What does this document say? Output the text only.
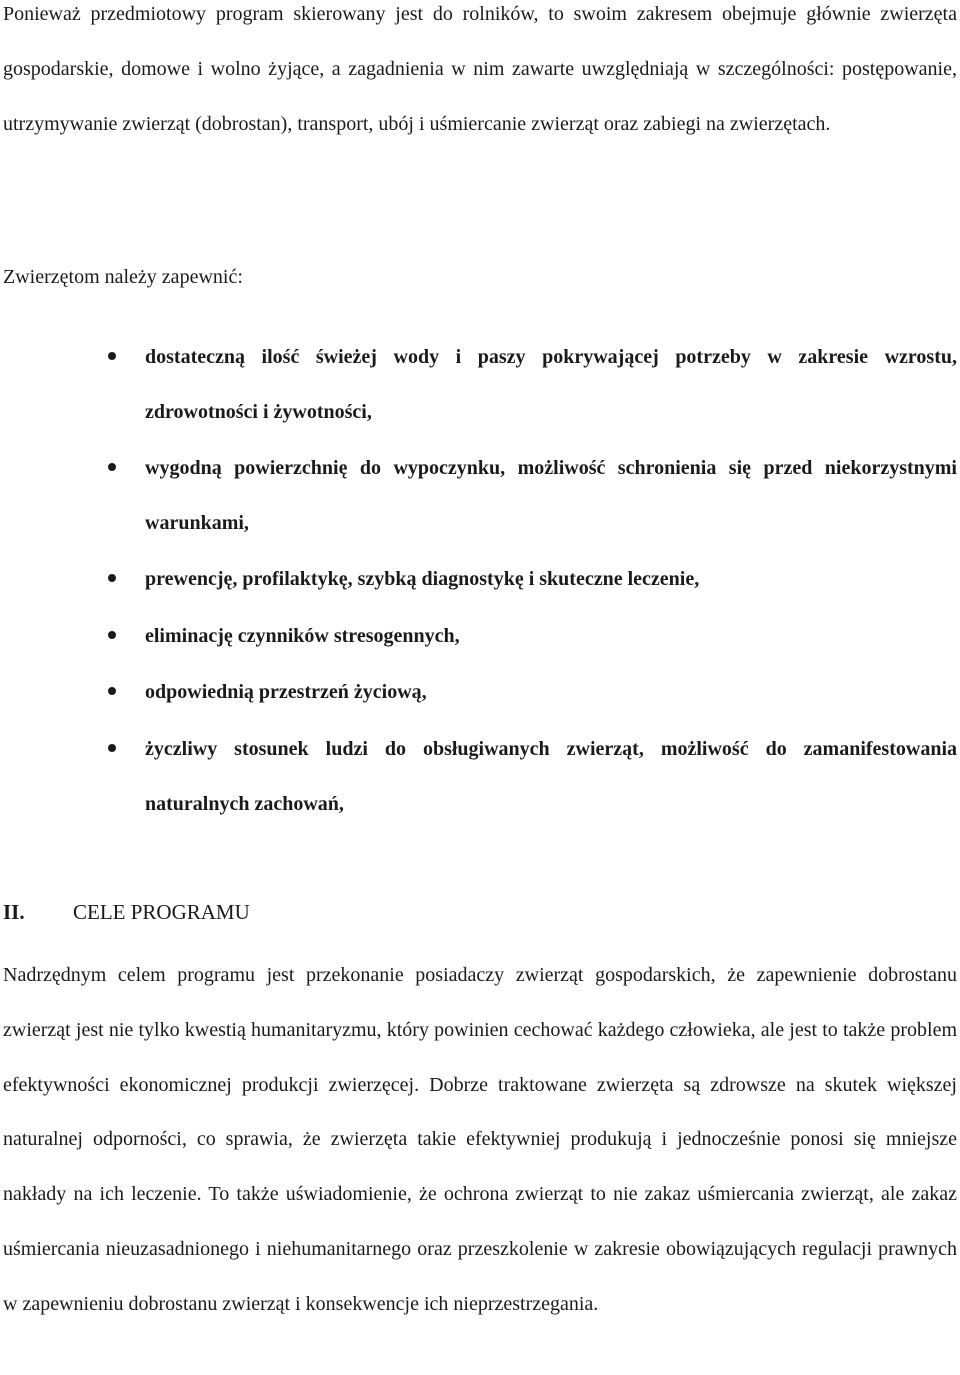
Ponieważ przedmiotowy program skierowany jest do rolników, to swoim zakresem obejmuje głównie zwierzęta gospodarskie, domowe i wolno żyjące, a zagadnienia w nim zawarte uwzględniają w szczególności: postępowanie, utrzymywanie zwierząt (dobrostan), transport, ubój i uśmiercanie zwierząt oraz zabiegi na zwierzętach.

Zwierzętom należy zapewnić:

dostateczną ilość świeżej wody i paszy pokrywającej potrzeby w zakresie wzrostu, zdrowotności i żywotności,
wygodną powierzchnię do wypoczynku, możliwość schronienia się przed niekorzystnymi warunkami,
prewencję, profilaktykę, szybką diagnostykę i skuteczne leczenie,
eliminację czynników stresogennych,
odpowiednią przestrzeń życiową,
życzliwy stosunek ludzi do obsługiwanych zwierząt, możliwość do zamanifestowania naturalnych zachowań,
II. CELE PROGRAMU

Nadrzędnym celem programu jest przekonanie posiadaczy zwierząt gospodarskich, że zapewnienie dobrostanu zwierząt jest nie tylko kwestią humanitaryzmu, który powinien cechować każdego człowieka, ale jest to także problem efektywności ekonomicznej produkcji zwierzęcej. Dobrze traktowane zwierzęta są zdrowsze na skutek większej naturalnej odporności, co sprawia, że zwierzęta takie efektywniej produkują i jednocześnie ponosi się mniejsze nakłady na ich leczenie. To także uświadomienie, że ochrona zwierząt to nie zakaz uśmiercania zwierząt, ale zakaz uśmiercania nieuzasadnionego i niehumanitarnego oraz przeszkolenie w zakresie obowiązujących regulacji prawnych w zapewnieniu dobrostanu zwierząt i konsekwencje ich nieprzestrzegania.
